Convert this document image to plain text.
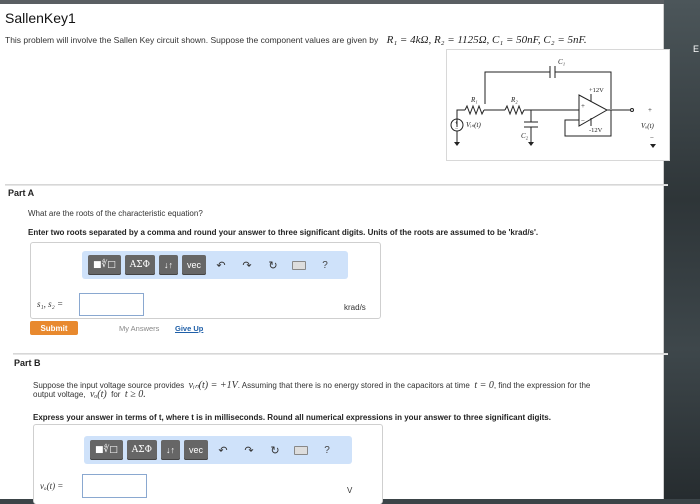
E
SallenKey1
This problem will involve the Sallen Key circuit shown. Suppose the component values are given by R₁ = 4kΩ, R₂ = 1125Ω, C₁ = 50nF, C₂ = 5nF.
C₁
R₁	R₂
C₂
Vᵢₙ(t)	Vₒ(t)
+12V
-12V
+
−
+
−
+
−
Part A
What are the roots of the characteristic equation?
Enter two roots separated by a comma and round your answer to three significant digits. Units of the roots are assumed to be 'krad/s'.
■∜□	ΑΣΦ	↓↑	vec	↶	↷	↻	?
s₁, s₂ =	krad/s
Submit	My Answers Give Up
Part B
Suppose the input voltage source provides vᵢₙ(t) = +1V. Assuming that there is no energy stored in the capacitors at time t = 0, find the expression for the
output voltage, vₒ(t) for t ≥ 0.
Express your answer in terms of t, where t is in milliseconds. Round all numerical expressions in your answer to three significant digits.
■∜□	ΑΣΦ	↓↑	vec	↶	↷	↻	?
vₒ(t) =	V
